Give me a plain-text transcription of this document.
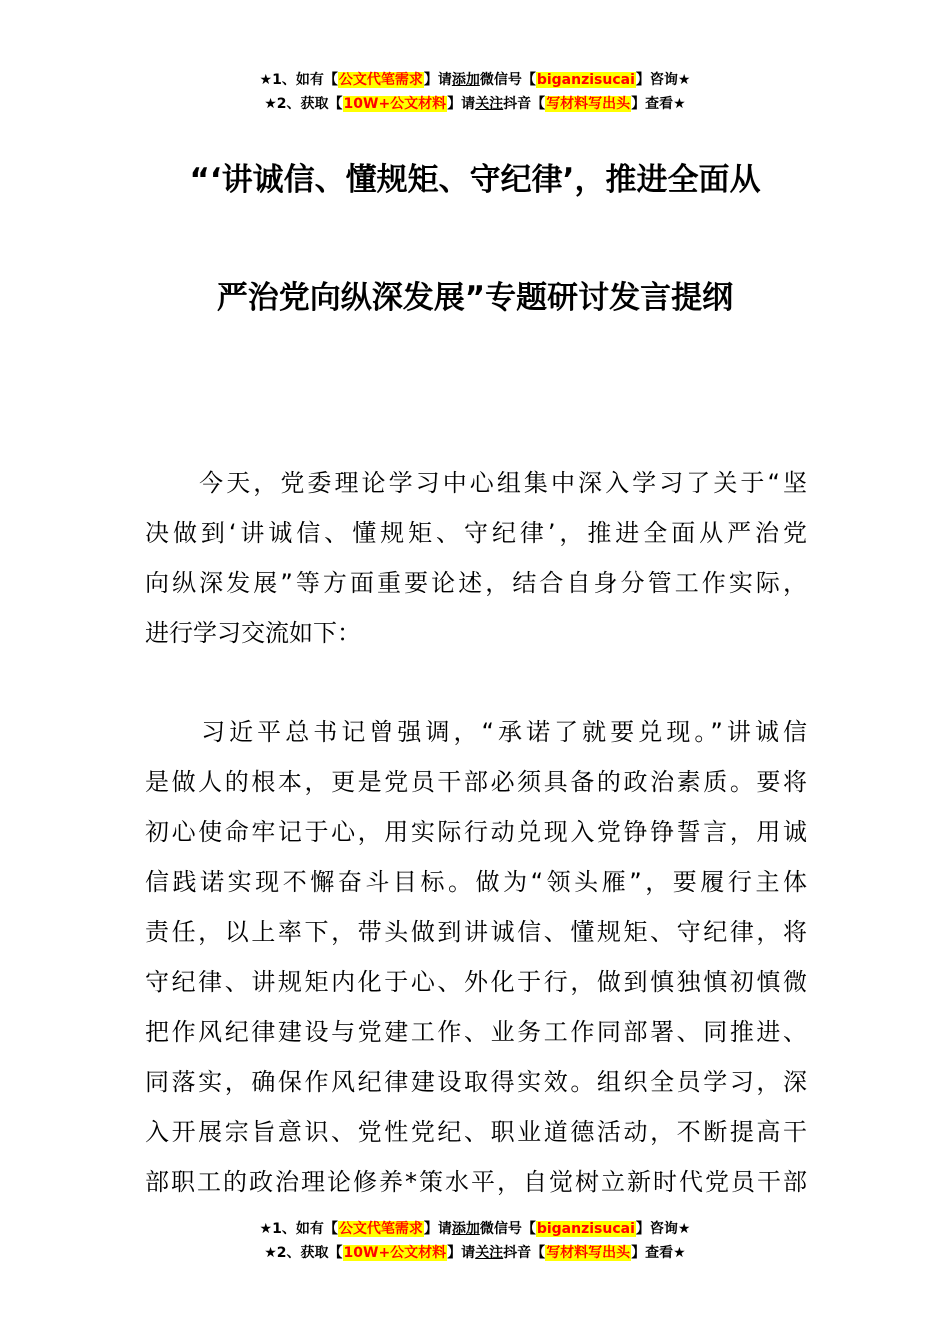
★1、如有【公文代笔需求】请添加微信号【biganzisucai】咨询★
★2、获取【10W+公文材料】请关注抖音【写材料写出头】查看★
“‘讲诚信、懂规矩、守纪律’，推进全面从
严治党向纵深发展”专题研讨发言提纲
　　今天，党委理论学习中心组集中深入学习了关于“坚
决做到‘讲诚信、懂规矩、守纪律’，推进全面从严治党
向纵深发展”等方面重要论述，结合自身分管工作实际，
进行学习交流如下：
　　习近平总书记曾强调，“承诺了就要兑现。”讲诚信
是做人的根本，更是党员干部必须具备的政治素质。要将
初心使命牢记于心，用实际行动兑现入党铮铮誓言，用诚
信践诺实现不懈奋斗目标。做为“领头雁”，要履行主体
责任，以上率下，带头做到讲诚信、懂规矩、守纪律，将
守纪律、讲规矩内化于心、外化于行，做到慎独慎初慎微
把作风纪律建设与党建工作、业务工作同部署、同推进、
同落实，确保作风纪律建设取得实效。组织全员学习，深
入开展宗旨意识、党性党纪、职业道德活动，不断提高干
部职工的政治理论修养*策水平，自觉树立新时代党员干部
★1、如有【公文代笔需求】请添加微信号【biganzisucai】咨询★
★2、获取【10W+公文材料】请关注抖音【写材料写出头】查看★
